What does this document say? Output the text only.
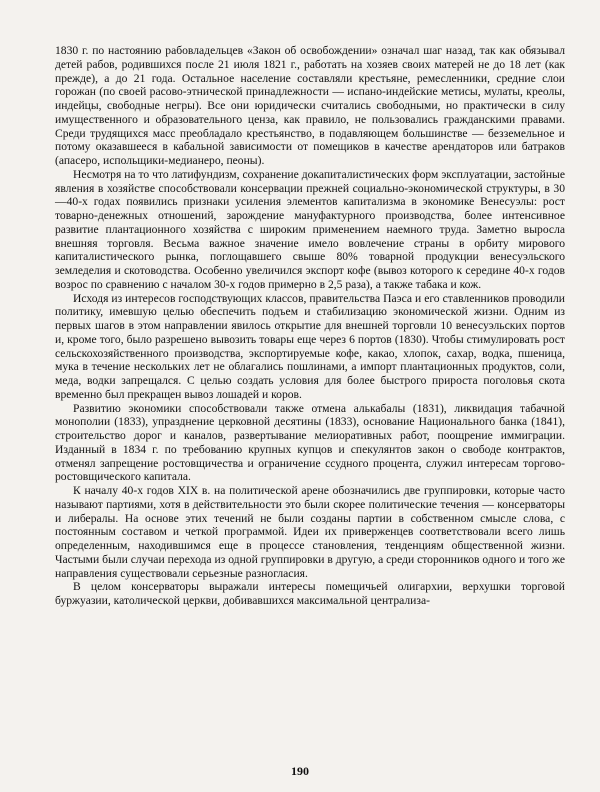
1830 г. по настоянию рабовладельцев «Закон об освобождении» означал шаг назад, так как обязывал детей рабов, родившихся после 21 июля 1821 г., работать на хозяев своих матерей не до 18 лет (как прежде), а до 21 года. Остальное население составляли крестьяне, ремесленники, средние слои горожан (по своей расово-этнической принадлежности — испано-индейские метисы, мулаты, креолы, индейцы, свободные негры). Все они юридически считались свободными, но практически в силу имущественного и образовательного ценза, как правило, не пользовались гражданскими правами. Среди трудящихся масс преобладало крестьянство, в подавляющем большинстве — безземельное и потому оказавшееся в кабальной зависимости от помещиков в качестве арендаторов или батраков (апасеро, испольщики-медианеро, пеоны).

Несмотря на то что латифундизм, сохранение докапиталистических форм эксплуатации, застойные явления в хозяйстве способствовали консервации прежней социально-экономической структуры, в 30—40-х годах появились признаки усиления элементов капитализма в экономике Венесуэлы: рост товарно-денежных отношений, зарождение мануфактурного производства, более интенсивное развитие плантационного хозяйства с широким применением наемного труда. Заметно выросла внешняя торговля. Весьма важное значение имело вовлечение страны в орбиту мирового капиталистического рынка, поглощавшего свыше 80% товарной продукции венесуэльского земледелия и скотоводства. Особенно увеличился экспорт кофе (вывоз которого к середине 40-х годов возрос по сравнению с началом 30-х годов примерно в 2,5 раза), а также табака и кож.

Исходя из интересов господствующих классов, правительства Паэса и его ставленников проводили политику, имевшую целью обеспечить подъем и стабилизацию экономической жизни. Одним из первых шагов в этом направлении явилось открытие для внешней торговли 10 венесуэльских портов и, кроме того, было разрешено вывозить товары еще через 6 портов (1830). Чтобы стимулировать рост сельскохозяйственного производства, экспортируемые кофе, какао, хлопок, сахар, водка, пшеница, мука в течение нескольких лет не облагались пошлинами, а импорт плантационных продуктов, соли, меда, водки запрещался. С целью создать условия для более быстрого прироста поголовья скота временно был прекращен вывоз лошадей и коров.

Развитию экономики способствовали также отмена алькабалы (1831), ликвидация табачной монополии (1833), упразднение церковной десятины (1833), основание Национального банка (1841), строительство дорог и каналов, развертывание мелиоративных работ, поощрение иммиграции. Изданный в 1834 г. по требованию крупных купцов и спекулянтов закон о свободе контрактов, отменял запрещение ростовщичества и ограничение ссудного процента, служил интересам торгово-ростовщического капитала.

К началу 40-х годов XIX в. на политической арене обозначились две группировки, которые часто называют партиями, хотя в действительности это были скорее политические течения — консерваторы и либералы. На основе этих течений не были созданы партии в собственном смысле слова, с постоянным составом и четкой программой. Идеи их приверженцев соответствовали всего лишь определенным, находившимся еще в процессе становления, тенденциям общественной жизни. Частыми были случаи перехода из одной группировки в другую, а среди сторонников одного и того же направления существовали серьезные разногласия.

В целом консерваторы выражали интересы помещичьей олигархии, верхушки торговой буржуазии, католической церкви, добивавшихся максимальной централиза-

190
